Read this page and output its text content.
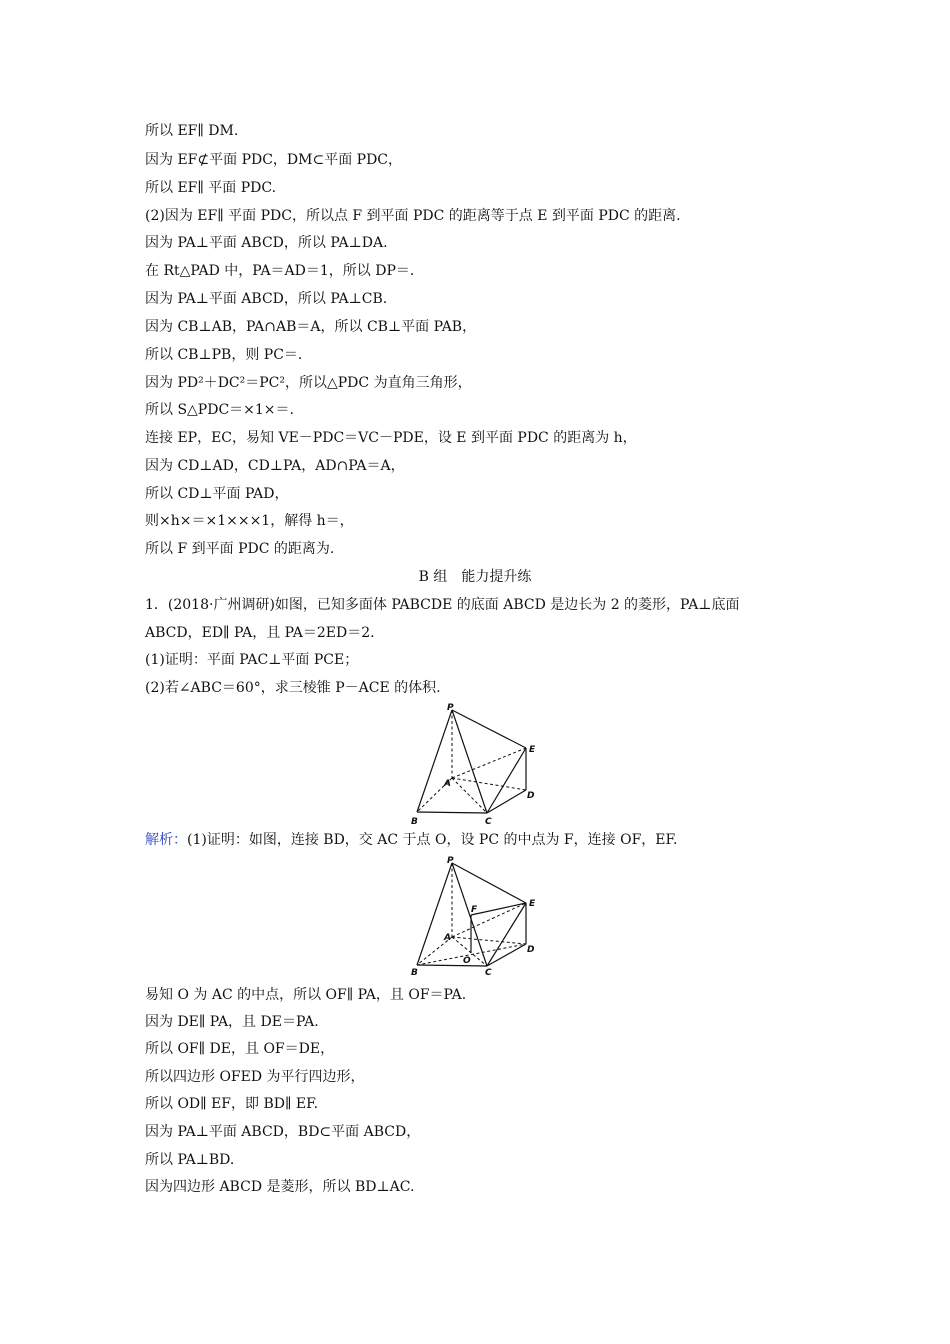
所以 EF∥ DM.
因为 EF⊄平面 PDC，DM⊂平面 PDC，
所以 EF∥ 平面 PDC.
(2)因为 EF∥ 平面 PDC，所以点 F 到平面 PDC 的距离等于点 E 到平面 PDC 的距离.
因为 PA⊥平面 ABCD，所以 PA⊥DA.
在 Rt△PAD 中，PA＝AD＝1，所以 DP＝.
因为 PA⊥平面 ABCD，所以 PA⊥CB.
因为 CB⊥AB，PA∩AB＝A，所以 CB⊥平面 PAB，
所以 CB⊥PB，则 PC＝.
因为 PD²＋DC²＝PC²，所以△PDC 为直角三角形，
所以 S△PDC＝×1×＝.
连接 EP，EC，易知 VE－PDC＝VC－PDE，设 E 到平面 PDC 的距离为 h，
因为 CD⊥AD，CD⊥PA，AD∩PA＝A，
所以 CD⊥平面 PAD，
则×h×＝×1×××1，解得 h＝，
所以 F 到平面 PDC 的距离为.
B 组　能力提升练
1．(2018·广州调研)如图，已知多面体 PABCDE 的底面 ABCD 是边长为 2 的菱形，PA⊥底面
ABCD，ED∥ PA，且 PA＝2ED＝2.
(1)证明：平面 PAC⊥平面 PCE；
(2)若∠ABC＝60°，求三棱锥 P－ACE 的体积.
P
E
A
D
B	C
解析：(1)证明：如图，连接 BD，交 AC 于点 O，设 PC 的中点为 F，连接 OF，EF.
P
E
F
A
D
B
O
C
易知 O 为 AC 的中点，所以 OF∥ PA，且 OF＝PA.
因为 DE∥ PA，且 DE＝PA.
所以 OF∥ DE，且 OF＝DE，
所以四边形 OFED 为平行四边形，
所以 OD∥ EF，即 BD∥ EF.
因为 PA⊥平面 ABCD，BD⊂平面 ABCD，
所以 PA⊥BD.
因为四边形 ABCD 是菱形，所以 BD⊥AC.
